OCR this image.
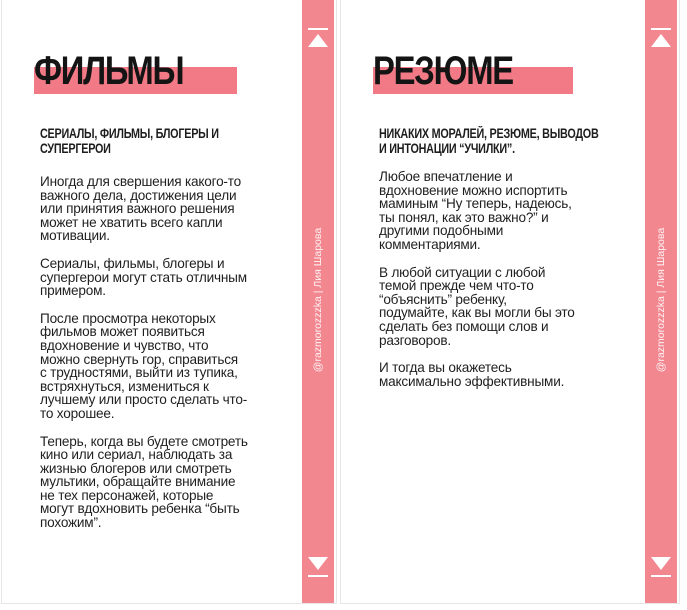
ФИЛЬМЫ
СЕРИАЛЫ, ФИЛЬМЫ, БЛОГЕРЫ И
СУПЕРГЕРОИ

Иногда для свершения какого-то
важного дела, достижения цели
или принятия важного решения
может не хватить всего капли
мотивации.

Сериалы, фильмы, блогеры и
супергерои могут стать отличным
примером.

После просмотра некоторых
фильмов может появиться
вдохновение и чувство, что
можно свернуть гор, справиться
с трудностями, выйти из тупика,
встряхнуться, измениться к
лучшему или просто сделать что-
то хорошее.

Теперь, когда вы будете смотреть
кино или сериал, наблюдать за
жизнью блогеров или смотреть
мультики, обращайте внимание
не тех персонажей, которые
могут вдохновить ребенка “быть
похожим”.

@razmorozzzka | Лия Шарова
РЕЗЮМЕ
НИКАКИХ МОРАЛЕЙ, РЕЗЮМЕ, ВЫВОДОВ
И ИНТОНАЦИИ “УЧИЛКИ”.

Любое впечатление и
вдохновение можно испортить
маминым “Ну теперь, надеюсь,
ты понял, как это важно?” и
другими подобными
комментариями.

В любой ситуации с любой
темой прежде чем что-то
“объяснить” ребенку,
подумайте, как вы могли бы это
сделать без помощи слов и
разговоров.

И тогда вы окажетесь
максимально эффективными.

@razmorozzzka | Лия Шарова
